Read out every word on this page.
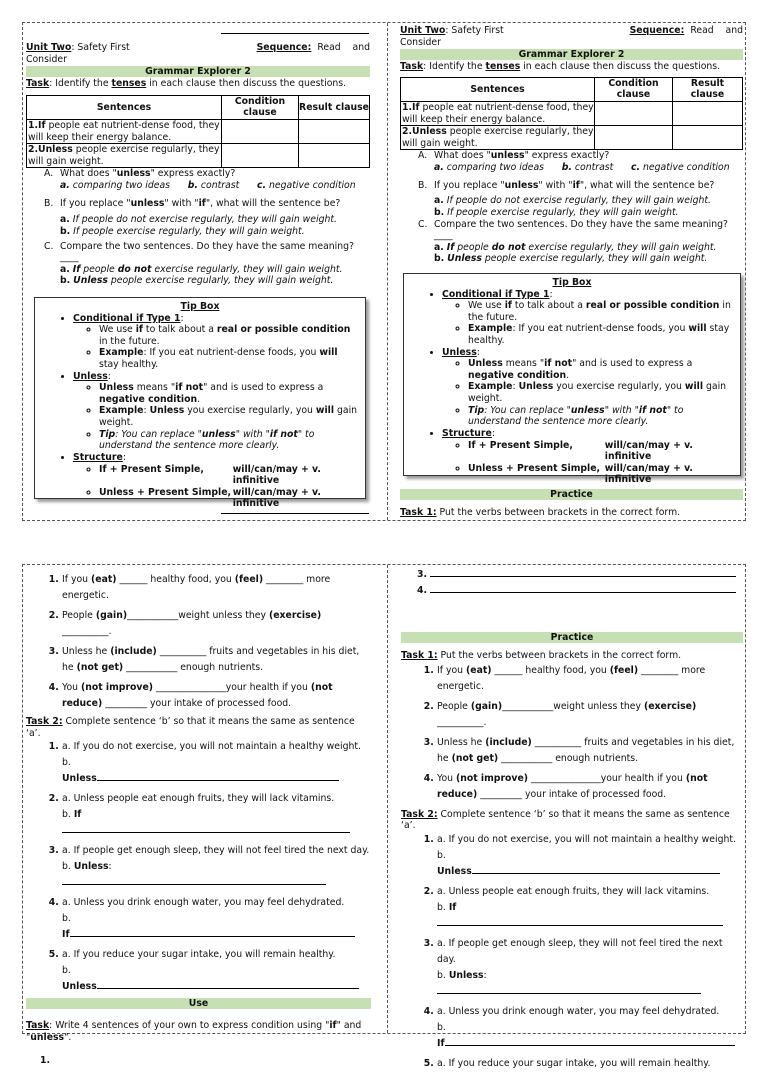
Unit Two: Safety First	Sequence: Read    and
Consider
Grammar Explorer 2
Task: Identify the tenses in each clause then discuss the questions.
Sentences	Condition clause	Result clause
1.If people eat nutrient-dense food, they will keep their energy balance.		
2.Unless people exercise regularly, they will gain weight.		
A. What does "unless" express exactly?
a. comparing two ideas b. contrast c. negative condition
B. If you replace "unless" with "if", what will the sentence be?
a. If people do not exercise regularly, they will gain weight.
b. If people exercise regularly, they will gain weight.
C. Compare the two sentences. Do they have the same meaning?
____
a. If people do not exercise regularly, they will gain weight.
b. Unless people exercise regularly, they will gain weight.
Tip Box
• Conditional if Type 1:
◦ We use if to talk about a real or possible condition in the future.
◦ Example: If you eat nutrient-dense foods, you will stay healthy.
• Unless:
◦ Unless means "if not" and is used to express a negative condition.
◦ Example: Unless you exercise regularly, you will gain weight.
◦ Tip: You can replace "unless" with "if not" to understand the sentence more clearly.
• Structure:
◦ If + Present Simple,	will/can/may + v. infinitive
◦ Unless + Present Simple, will/can/may + v. infinitive
Unit Two: Safety First	Sequence: Read    and
Consider
Grammar Explorer 2
Task: Identify the tenses in each clause then discuss the questions.
Sentences	Condition clause	Result clause
1.If people eat nutrient-dense food, they will keep their energy balance.		
2.Unless people exercise regularly, they will gain weight.		
A. What does "unless" express exactly?
a. comparing two ideas b. contrast c. negative condition
B. If you replace "unless" with "if", what will the sentence be?
a. If people do not exercise regularly, they will gain weight.
b. If people exercise regularly, they will gain weight.
C. Compare the two sentences. Do they have the same meaning?
____
a. If people do not exercise regularly, they will gain weight.
b. Unless people exercise regularly, they will gain weight.
Tip Box
• Conditional if Type 1:
◦ We use if to talk about a real or possible condition in the future.
◦ Example: If you eat nutrient-dense foods, you will stay healthy.
• Unless:
◦ Unless means "if not" and is used to express a negative condition.
◦ Example: Unless you exercise regularly, you will gain weight.
◦ Tip: You can replace "unless" with "if not" to understand the sentence more clearly.
• Structure:
◦ If + Present Simple,	will/can/may + v. infinitive
◦ Unless + Present Simple, will/can/may + v. infinitive
Practice
Task 1: Put the verbs between brackets in the correct form.
1. If you (eat) ______ healthy food, you (feel) ________ more energetic.
2. People (gain)___________weight unless they (exercise) __________.
3. Unless he (include) __________ fruits and vegetables in his diet, he (not get) ___________ enough nutrients.
4. You (not improve) _______________your health if you (not reduce) _________ your intake of processed food.
Task 2: Complete sentence ‘b’ so that it means the same as sentence ‘a’.
1. a. If you do not exercise, you will not maintain a healthy weight.
b.
Unless
2. a. Unless people eat enough fruits, they will lack vitamins.
b. If

3. a. If people get enough sleep, they will not feel tired the next day.
b. Unless:

4. a. Unless you drink enough water, you may feel dehydrated.
b.
If
5. a. If you reduce your sugar intake, you will remain healthy.
b.
Unless
Use
Task: Write 4 sentences of your own to express condition using "if" and "unless".
1.
3.
4.
Practice
Task 1: Put the verbs between brackets in the correct form.
1. If you (eat) ______ healthy food, you (feel) ________ more energetic.
2. People (gain)___________weight unless they (exercise) __________.
3. Unless he (include) __________ fruits and vegetables in his diet, he (not get) ___________ enough nutrients.
4. You (not improve) _______________your health if you (not reduce) _________ your intake of processed food.
Task 2: Complete sentence ‘b’ so that it means the same as sentence ‘a’.
1. a. If you do not exercise, you will not maintain a healthy weight.
b.
Unless
2. a. Unless people eat enough fruits, they will lack vitamins.
b. If

3. a. If people get enough sleep, they will not feel tired the next day.
b. Unless:

4. a. Unless you drink enough water, you may feel dehydrated.
b.
If
5. a. If you reduce your sugar intake, you will remain healthy.
